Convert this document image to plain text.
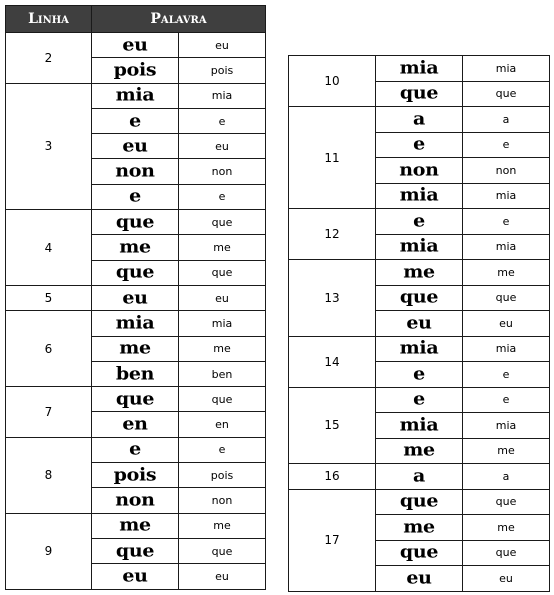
Linha	Palavra	
2	eu	eu
	pois	pois
3	mia	mia
	e	e
	eu	eu
	non	non
	e	e
4	que	que
	me	me
	que	que
5	eu	eu
6	mia	mia
	me	me
	ben	ben
7	que	que
	en	en
8	e	e
	pois	pois
	non	non
9	me	me
	que	que
	eu	eu
10	mia	mia
	que	que
11	a	a
	e	e
	non	non
	mia	mia
12	e	e
	mia	mia
13	me	me
	que	que
	eu	eu
14	mia	mia
	e	e
15	e	e
	mia	mia
	me	me
16	a	a
17	que	que
	me	me
	que	que
	eu	eu
